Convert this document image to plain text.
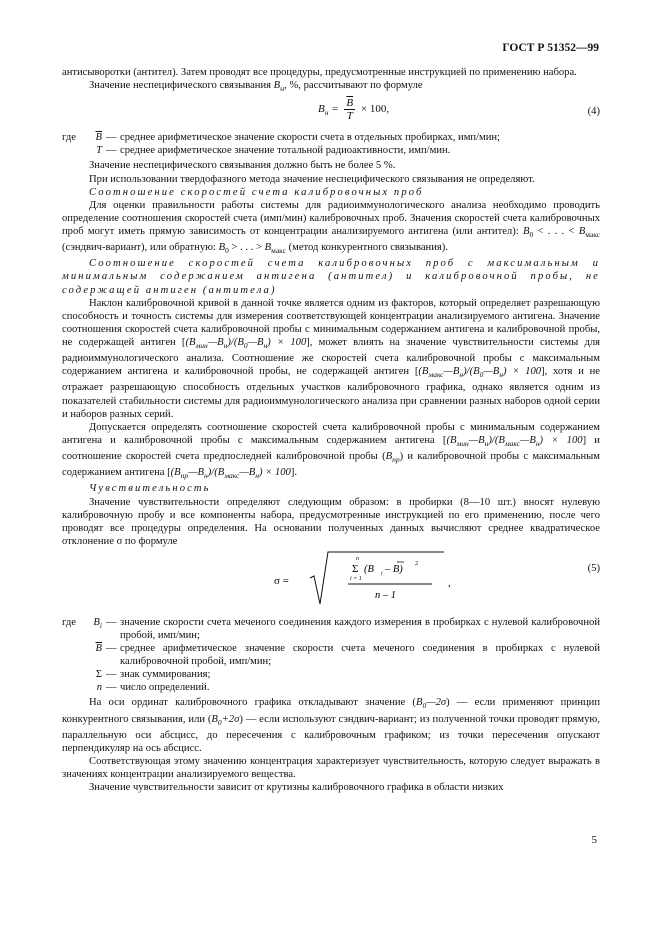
ГОСТ Р 51352—99

антисыворотки (антител). Затем проводят все процедуры, предусмотренные инструкцией по применению набора.

Значение неспецифического связывания $B_н$, %, рассчитывают по формуле

$B_н = \frac{\overline{B}}{T} \times 100$,	(4)
где	$\overline{B}$ — среднее арифметическое значение скорости счета в отдельных пробирках, имп/мин;
T — среднее арифметическое значение тотальной радиоактивности, имп/мин.

Значение неспецифического связывания должно быть не более 5 %.

При использовании твердофазного метода значение неспецифического связывания не определяют.

Соотношение скоростей счета калибровочных проб

Для оценки правильности работы системы для радиоиммунологического анализа необходимо проводить определение соотношения скоростей счета (имп/мин) калибровочных проб. Значения скоростей счета калибровочных проб могут иметь прямую зависимость от концентрации анализируемого антигена (или антител): $B_0$ < . . . < $B_{макс}$ (сэндвич-вариант), или обратную: $B_0$ > . . . > $B_{макс}$ (метод конкурентного связывания).

Соотношение скоростей счета калибровочных проб с максимальным и минимальным содержанием антигена (антител) и калибровочной пробы, не содержащей антиген (антитела)

Наклон калибровочной кривой в данной точке является одним из факторов, который определяет разрешающую способность и точность системы для измерения соответствующей концентрации анализируемого антигена. Значение соотношения скоростей счета калибровочной пробы с минимальным содержанием антигена и калибровочной пробы, не содержащей антиген $[(B_{мин}—B_н)/(B_0—B_н) \times 100]$, может влиять на значение чувствительности системы для радиоиммунологического анализа. Соотношение же скоростей счета калибровочной пробы с максимальным содержанием антигена и калибровочной пробы, не содержащей антиген $[(B_{макс}—B_н)/(B_0—B_н) \times 100]$, хотя и не отражает разрешающую способность отдельных участков калибровочного графика, однако является одним из показателей стабильности системы для радиоиммунологического анализа при сравнении разных наборов одной серии и наборов разных серий.

Допускается определять соотношение скоростей счета калибровочной пробы с минимальным содержанием антигена и калибровочной пробы с максимальным содержанием антигена $[(B_{мин}—B_н)/(B_{макс}—B_н) \times 100]$ и соотношение скоростей счета предпоследней калибровочной пробы $(B_{пр})$ и калибровочной пробы с максимальным содержанием антигена $[(B_{пр}—B_н)/(B_{макс}—B_н) \times 100]$.

Чувствительность

Значение чувствительности определяют следующим образом: в пробирки (8—10 шт.) вносят нулевую калибровочную пробу и все компоненты набора, предусмотренные инструкцией по его применению, после чего проводят все процедуры определения. На основании полученных данных вычисляют среднее квадратическое отклонение σ по формуле

σ =
n
Σ
i = 1
(B i – B) 2
n – 1
,
(5)
где	$B_i$ — значение скорости счета меченого соединения каждого измерения в пробирках с нулевой калибровочной пробой, имп/мин;
$\overline{B}$ — среднее арифметическое значение скорости счета меченого соединения в пробирках с нулевой калибровочной пробой, имп/мин;
Σ — знак суммирования;
n — число определений.

На оси ординат калибровочного графика откладывают значение $(B_0—2\sigma)$ — если применяют принцип конкурентного связывания, или $(B_0+2\sigma)$ — если используют сэндвич-вариант; из полученной точки проводят прямую, параллельную оси абсцисс, до пересечения с калибровочным графиком; из точки пересечения опускают перпендикуляр на ось абсцисс.

Соответствующая этому значению концентрация характеризует чувствительность, которую следует выражать в значениях концентрации анализируемого вещества.

Значение чувствительности зависит от крутизны калибровочного графика в области низких

5
